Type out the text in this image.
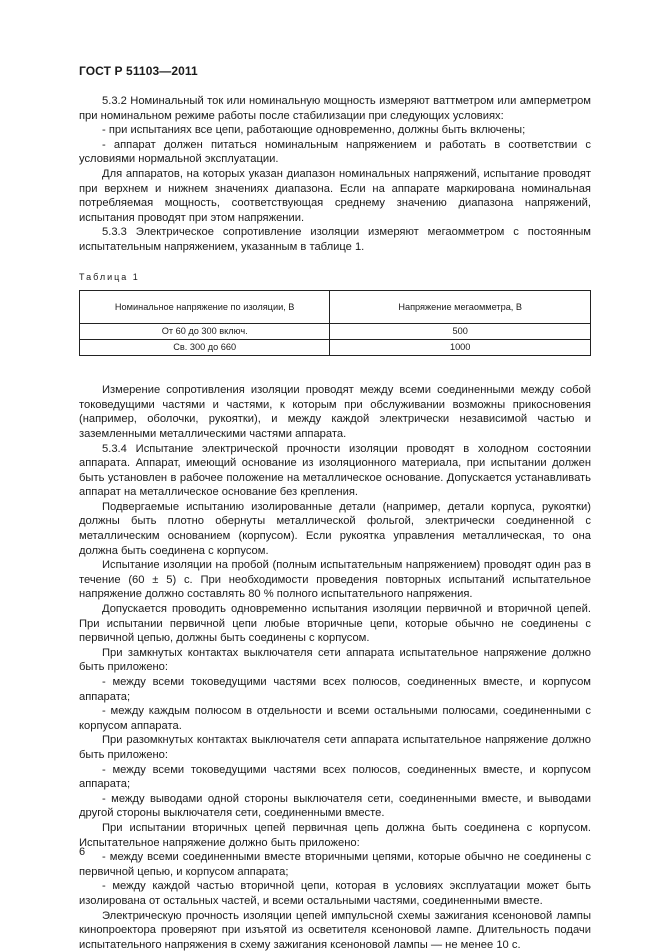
ГОСТ Р 51103—2011

5.3.2 Номинальный ток или номинальную мощность измеряют ваттметром или амперметром при номинальном режиме работы после стабилизации при следующих условиях:

- при испытаниях все цепи, работающие одновременно, должны быть включены;

- аппарат должен питаться номинальным напряжением и работать в соответствии с условиями нормальной эксплуатации.

Для аппаратов, на которых указан диапазон номинальных напряжений, испытание проводят при верхнем и нижнем значениях диапазона. Если на аппарате маркирована номинальная потребляемая мощность, соответствующая среднему значению диапазона напряжений, испытания проводят при этом напряжении.

5.3.3 Электрическое сопротивление изоляции измеряют мегаомметром с постоянным испытательным напряжением, указанным в таблице 1.

Таблица 1
Номинальное напряжение по изоляции, В	Напряжение мегаомметра, В
От 60 до 300 включ.	500
Св. 300 до 660	1000

Измерение сопротивления изоляции проводят между всеми соединенными между собой токоведущими частями и частями, к которым при обслуживании возможны прикосновения (например, оболочки, рукоятки), и между каждой электрически независимой частью и заземленными металлическими частями аппарата.

5.3.4 Испытание электрической прочности изоляции проводят в холодном состоянии аппарата. Аппарат, имеющий основание из изоляционного материала, при испытании должен быть установлен в рабочее положение на металлическое основание. Допускается устанавливать аппарат на металлическое основание без крепления.

Подвергаемые испытанию изолированные детали (например, детали корпуса, рукоятки) должны быть плотно обернуты металлической фольгой, электрически соединенной с металлическим основанием (корпусом). Если рукоятка управления металлическая, то она должна быть соединена с корпусом.

Испытание изоляции на пробой (полным испытательным напряжением) проводят один раз в течение (60 ± 5) с. При необходимости проведения повторных испытаний испытательное напряжение должно составлять 80 % полного испытательного напряжения.

Допускается проводить одновременно испытания изоляции первичной и вторичной цепей. При испытании первичной цепи любые вторичные цепи, которые обычно не соединены с первичной цепью, должны быть соединены с корпусом.

При замкнутых контактах выключателя сети аппарата испытательное напряжение должно быть приложено:

- между всеми токоведущими частями всех полюсов, соединенных вместе, и корпусом аппарата;

- между каждым полюсом в отдельности и всеми остальными полюсами, соединенными с корпусом аппарата.

При разомкнутых контактах выключателя сети аппарата испытательное напряжение должно быть приложено:

- между всеми токоведущими частями всех полюсов, соединенных вместе, и корпусом аппарата;

- между выводами одной стороны выключателя сети, соединенными вместе, и выводами другой стороны выключателя сети, соединенными вместе.

При испытании вторичных цепей первичная цепь должна быть соединена с корпусом. Испытательное напряжение должно быть приложено:

- между всеми соединенными вместе вторичными цепями, которые обычно не соединены с первичной цепью, и корпусом аппарата;

- между каждой частью вторичной цепи, которая в условиях эксплуатации может быть изолирована от остальных частей, и всеми остальными частями, соединенными вместе.

Электрическую прочность изоляции цепей импульсной схемы зажигания ксеноновой лампы кинопроектора проверяют при изъятой из осветителя ксеноновой лампе. Длительность подачи испытательного напряжения в схему зажигания ксеноновой лампы — не менее 10 с.

6
